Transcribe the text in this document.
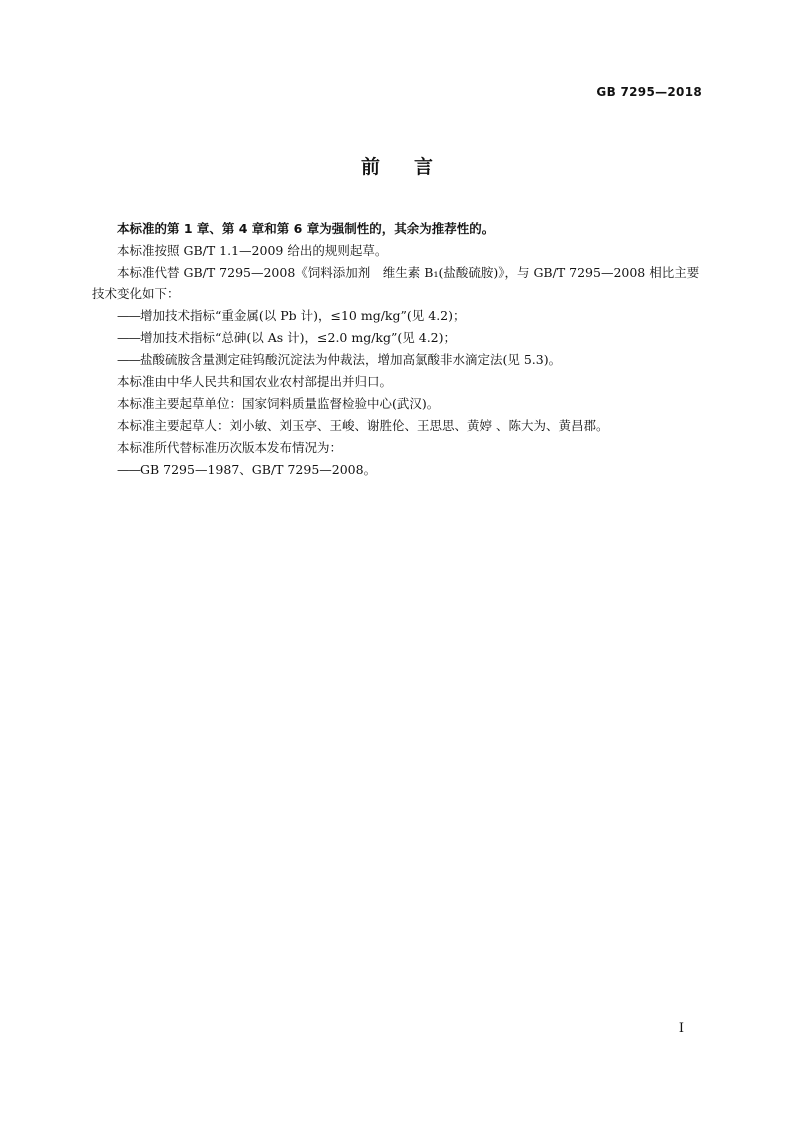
GB 7295—2018
前言

本标准的第 1 章、第 4 章和第 6 章为强制性的，其余为推荐性的。

本标准按照 GB/T 1.1—2009 给出的规则起草。

本标准代替 GB/T 7295—2008《饲料添加剂　维生素 B₁(盐酸硫胺)》，与 GB/T 7295—2008 相比主要技术变化如下：

——增加技术指标“重金属(以 Pb 计)，≤10 mg/kg”(见 4.2)；
——增加技术指标“总砷(以 As 计)，≤2.0 mg/kg”(见 4.2)；
——盐酸硫胺含量测定硅钨酸沉淀法为仲裁法，增加高氯酸非水滴定法(见 5.3)。

本标准由中华人民共和国农业农村部提出并归口。

本标准主要起草单位：国家饲料质量监督检验中心(武汉)。

本标准主要起草人：刘小敏、刘玉亭、王峻、谢胜伦、王思思、黄婷 、陈大为、黄昌郡。

本标准所代替标准历次版本发布情况为：

——GB 7295—1987、GB/T 7295—2008。
I
